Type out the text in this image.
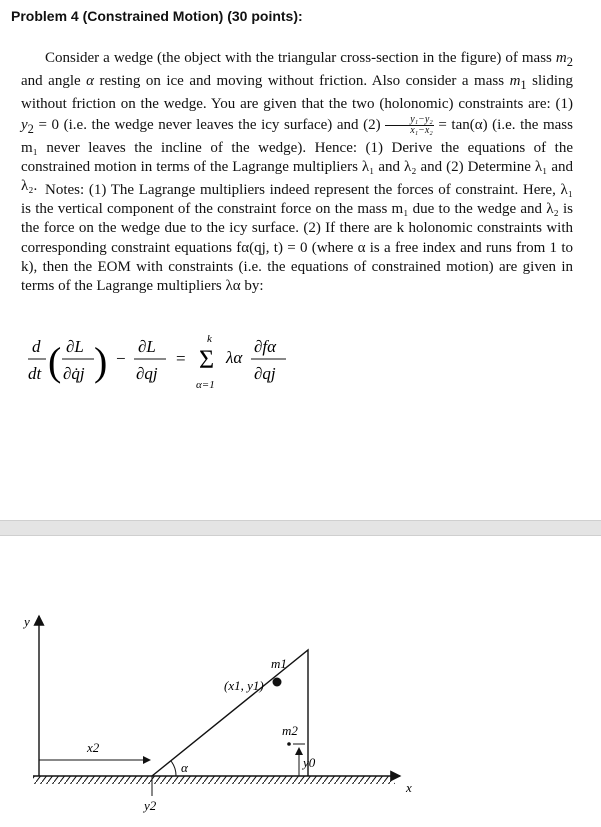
Problem 4 (Constrained Motion) (30 points):
Consider a wedge (the object with the triangular cross-section in the figure) of mass $m_2$ and angle α resting on ice and moving without friction. Also consider a mass $m_1$ sliding without friction on the wedge. You are given that the two (holonomic) constraints are: (1) $y_2 = 0$ (i.e. the wedge never leaves the icy surface) and $(2) \frac{\text{y₁−y₂}}{\text{x₁−x₂}} = \tan(\alpha)$ (i.e. the mass m₁ never leaves the incline of the wedge). Hence: (1) Derive the equations of the constrained motion in terms of the Lagrange multipliers λ₁ and λ₂ and (2) Determine λ₁ and λ₂. Notes: (1) The Lagrange multipliers indeed represent the forces of constraint. Here, λ₁ is the vertical component of the constraint force on the mass m₁ due to the wedge and λ₂ is the force on the wedge due to the icy surface. (2) If there are k holonomic constraints with corresponding constraint equations fα(qj, t) = 0 (where α is a free index and runs from 1 to k), then the EOM with constraints (i.e. the equations of constrained motion) are given in terms of the Lagrange multipliers λα by:
d
dt ( ∂L
∂q̇j ) −
∂L
∂qj
=
k
Σ
α=1
λα
∂fα
∂qj
x
y
x2
y2
α
(x1, y1)
m1
m2
y0
